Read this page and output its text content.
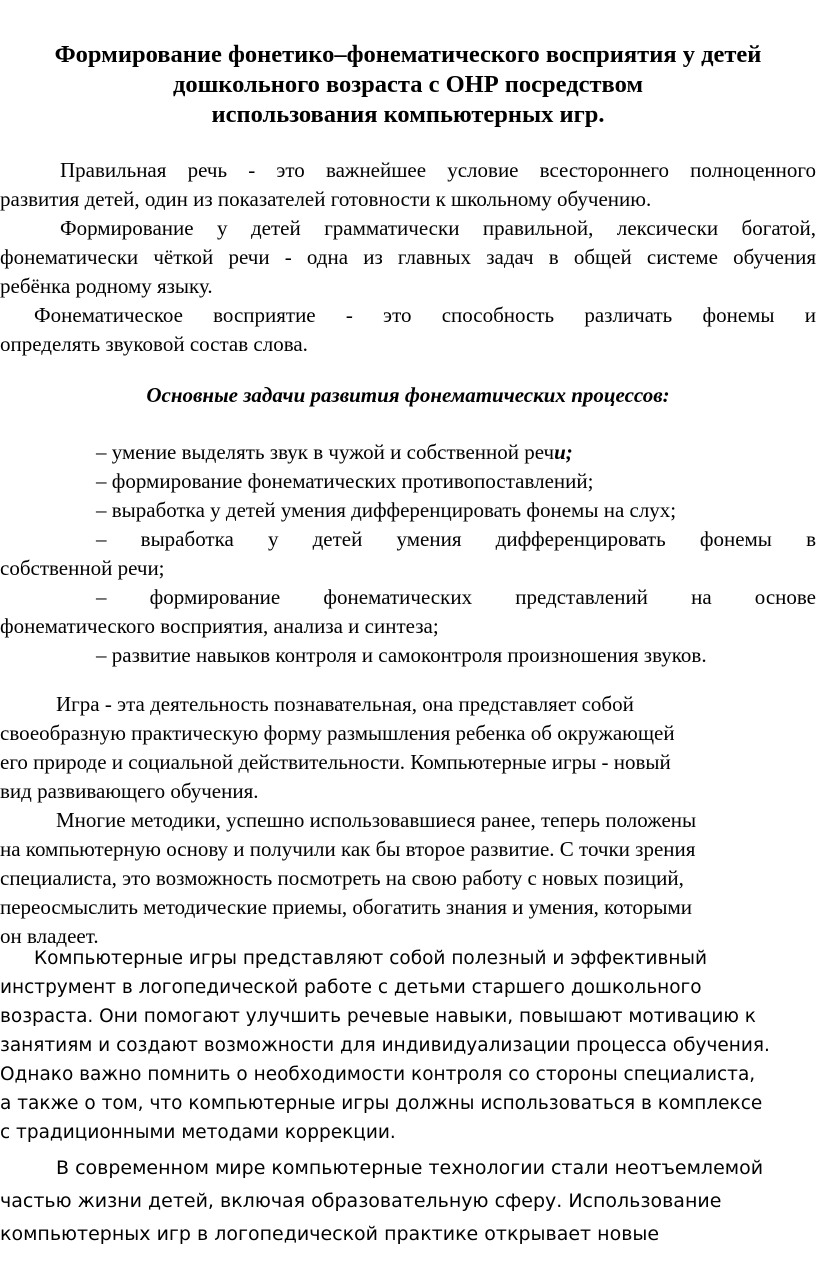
Формирование фонетико–фонематического восприятия у детей
дошкольного возраста с ОНР посредством
использования компьютерных игр.
Правильная речь - это важнейшее условие всестороннего полноценного
развития детей, один из показателей готовности к школьному обучению.
Формирование у детей грамматически правильной, лексически богатой,
фонематически чёткой речи - одна из главных задач в общей системе обучения
ребёнка родному языку.
Фонематическое восприятие - это способность различать фонемы и
определять звуковой состав слова.
Основные задачи развития фонематических процессов:
– умение выделять звук в чужой и собственной речи;
– формирование фонематических противопоставлений;
– выработка у детей умения дифференцировать фонемы на слух;
– выработка у детей умения дифференцировать фонемы в
собственной речи;
– формирование фонематических представлений на основе
фонематического восприятия, анализа и синтеза;
– развитие навыков контроля и самоконтроля произношения звуков.
Игра - эта деятельность познавательная, она представляет собой
своеобразную практическую форму размышления ребенка об окружающей
его природе и социальной действительности. Компьютерные игры - новый
вид развивающего обучения.
Многие методики, успешно использовавшиеся ранее, теперь положены
на компьютерную основу и получили как бы второе развитие. С точки зрения
специалиста, это возможность посмотреть на свою работу с новых позиций,
переосмыслить методические приемы, обогатить знания и умения, которыми
он владеет.
Компьютерные игры представляют собой полезный и эффективный
инструмент в логопедической работе с детьми старшего дошкольного
возраста. Они помогают улучшить речевые навыки, повышают мотивацию к
занятиям и создают возможности для индивидуализации процесса обучения.
Однако важно помнить о необходимости контроля со стороны специалиста,
а также о том, что компьютерные игры должны использоваться в комплексе
с традиционными методами коррекции.
В современном мире компьютерные технологии стали неотъемлемой
частью жизни детей, включая образовательную сферу. Использование
компьютерных игр в логопедической практике открывает новые
